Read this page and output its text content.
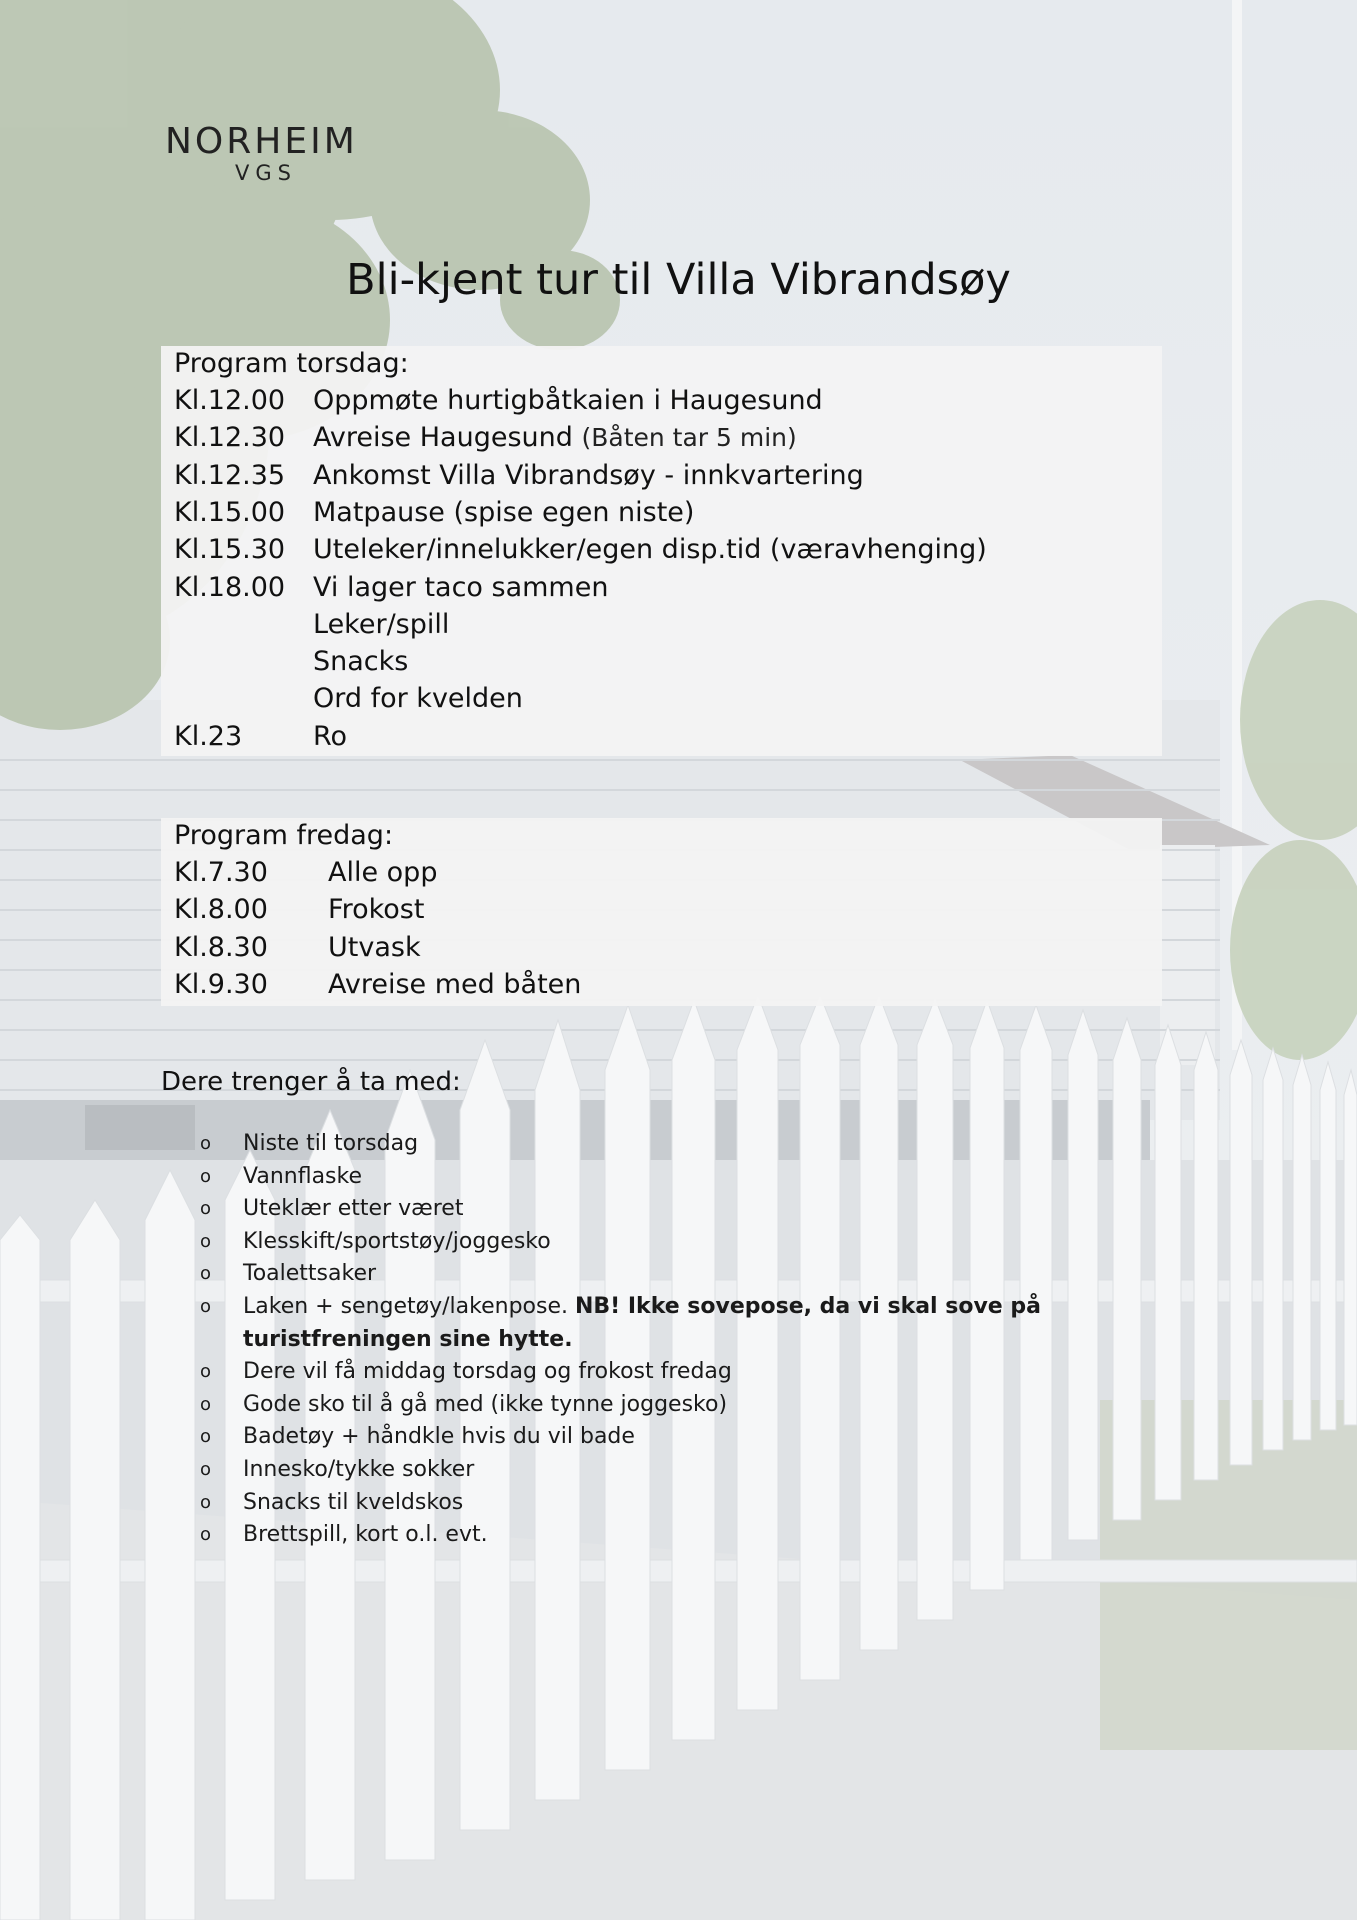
NORHEIM
VGS
Bli-kjent tur til Villa Vibrandsøy
Program torsdag:
Kl.12.00 Oppmøte hurtigbåtkaien i Haugesund
Kl.12.30 Avreise Haugesund (Båten tar 5 min)
Kl.12.35 Ankomst Villa Vibrandsøy - innkvartering
Kl.15.00 Matpause (spise egen niste)
Kl.15.30 Uteleker/innelukker/egen disp.tid (væravhenging)
Kl.18.00 Vi lager taco sammen
Leker/spill
Snacks
Ord for kvelden
Kl.23	Ro
Program fredag:
Kl.7.30 Alle opp
Kl.8.00 Frokost
Kl.8.30 Utvask
Kl.9.30 Avreise med båten
Dere trenger å ta med:
o Niste til torsdag
o Vannflaske
o Uteklær etter været
o Klesskift/sportstøy/joggesko
o Toalettsaker
o Laken + sengetøy/lakenpose. NB! Ikke sovepose, da vi skal sove på turistfreningen sine hytte.
o Dere vil få middag torsdag og frokost fredag
o Gode sko til å gå med (ikke tynne joggesko)
o Badetøy + håndkle hvis du vil bade
o Innesko/tykke sokker
o Snacks til kveldskos
o Brettspill, kort o.l. evt.
